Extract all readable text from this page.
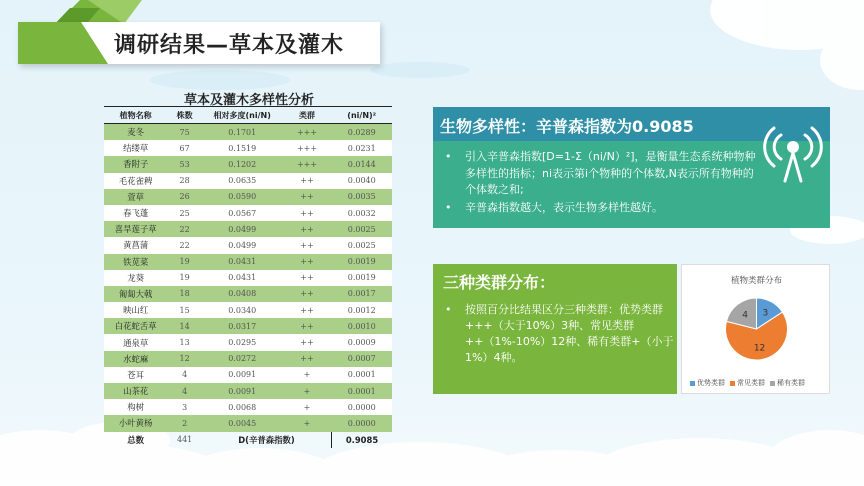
调研结果—草本及灌木
草本及灌木多样性分析
植物名称	株数	相对多度(ni/N)	类群	(ni/N)²
麦冬	75	0.1701	+++	0.0289
结缕草	67	0.1519	+++	0.0231
香附子	53	0.1202	+++	0.0144
毛花雀稗	28	0.0635	++	0.0040
萱草	26	0.0590	++	0.0035
春飞蓬	25	0.0567	++	0.0032
喜旱莲子草	22	0.0499	++	0.0025
黄菖蒲	22	0.0499	++	0.0025
铁苋菜	19	0.0431	++	0.0019
龙葵	19	0.0431	++	0.0019
匍匐大戟	18	0.0408	++	0.0017
映山红	15	0.0340	++	0.0012
白花蛇舌草	14	0.0317	++	0.0010
通泉草	13	0.0295	++	0.0009
水蛇麻	12	0.0272	++	0.0007
苍耳	4	0.0091	+	0.0001
山茶花	4	0.0091	+	0.0001
构树	3	0.0068	+	0.0000
小叶黄杨	2	0.0045	+	0.0000
总数	441	D(辛普森指数)		0.9085
生物多样性：辛普森指数为0.9085
• 引入辛普森指数[D=1-Σ（ni/N）²]，是衡量生态系统种物种多样性的指标；ni表示第i个物种的个体数,N表示所有物种的个体数之和;
• 辛普森指数越大，表示生物多样性越好。
三种类群分布：
• 按照百分比结果区分三种类群：优势类群+++（大于10%）3种、常见类群++（1%-10%）12种、稀有类群+（小于1%）4种。
植物类群分布
3
12
4
优势类群 常见类群 稀有类群
